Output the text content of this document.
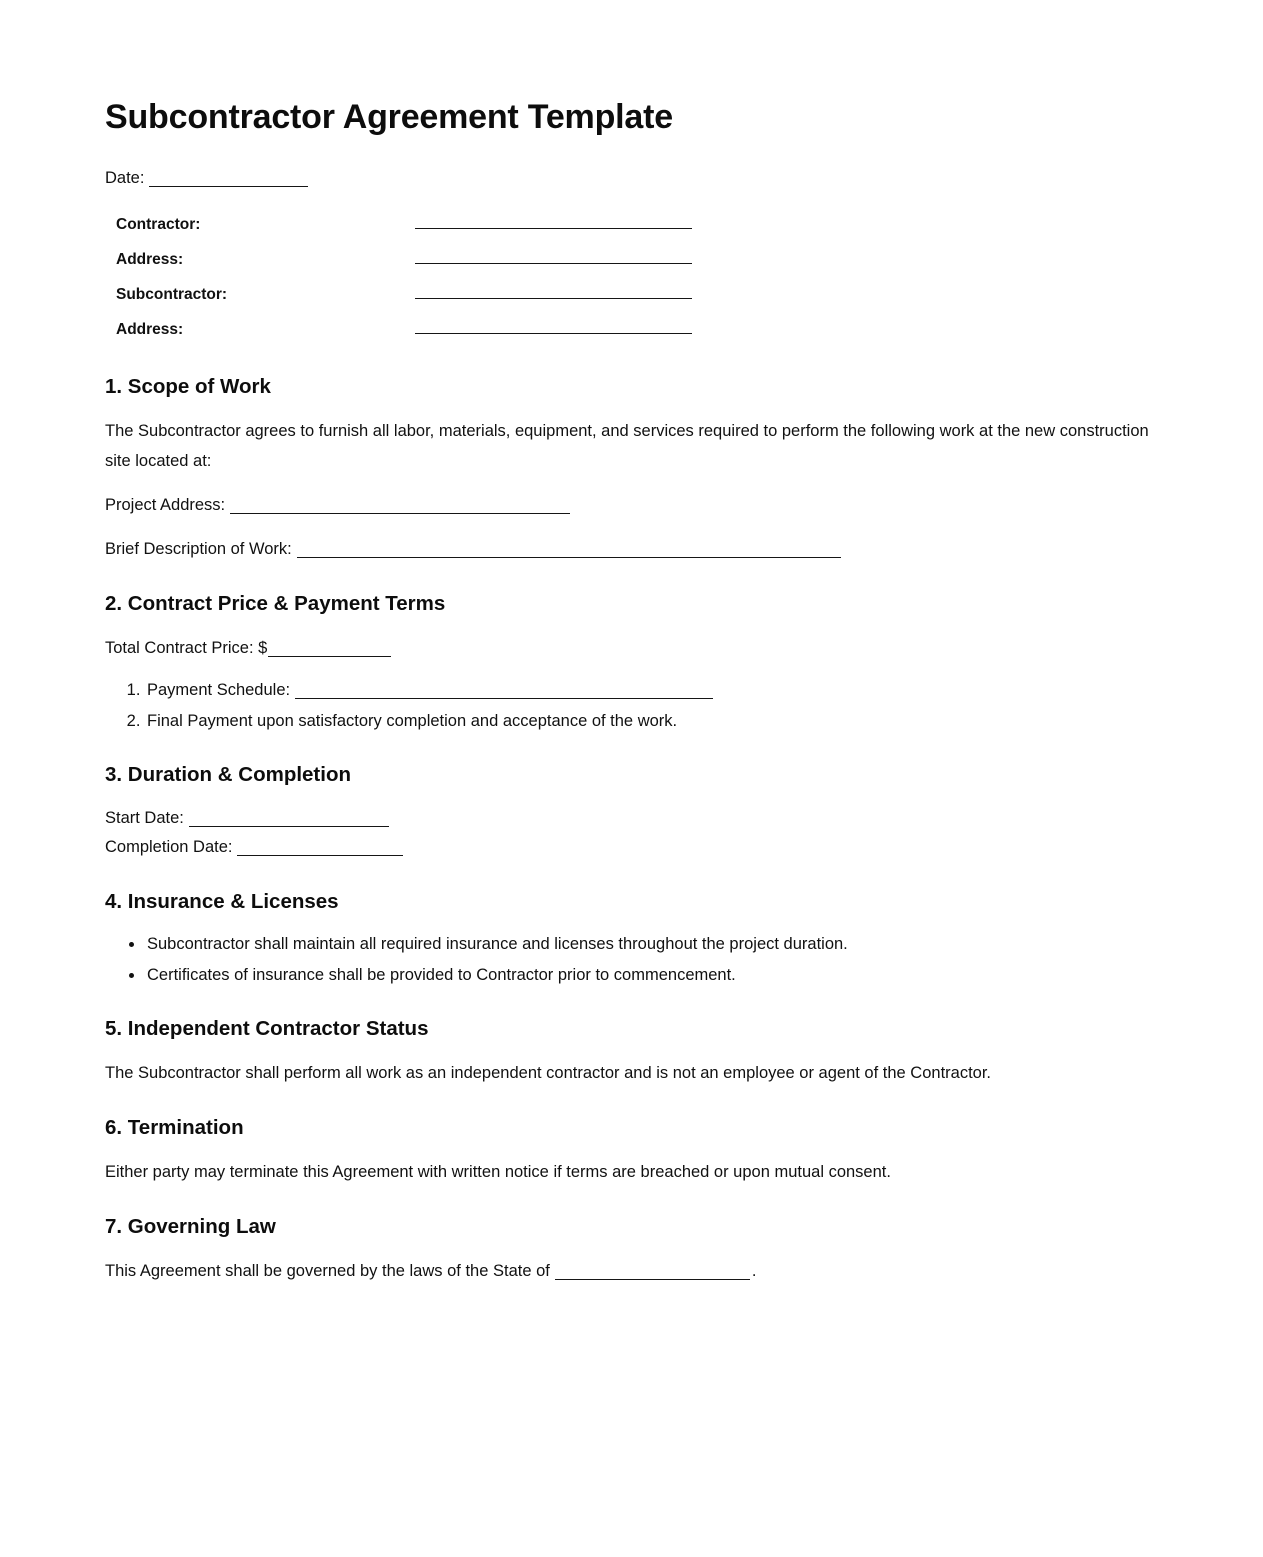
Subcontractor Agreement Template

Date:

Contractor:
Address:
Subcontractor:
Address:
1. Scope of Work

The Subcontractor agrees to furnish all labor, materials, equipment, and services required to perform the following work at the new construction site located at:

Project Address:

Brief Description of Work:

2. Contract Price & Payment Terms

Total Contract Price: $

1. Payment Schedule:
2. Final Payment upon satisfactory completion and acceptance of the work.
3. Duration & Completion

Start Date:
Completion Date:

4. Insurance & Licenses
• Subcontractor shall maintain all required insurance and licenses throughout the project duration.
• Certificates of insurance shall be provided to Contractor prior to commencement.
5. Independent Contractor Status

The Subcontractor shall perform all work as an independent contractor and is not an employee or agent of the Contractor.

6. Termination

Either party may terminate this Agreement with written notice if terms are breached or upon mutual consent.

7. Governing Law

This Agreement shall be governed by the laws of the State of	.
